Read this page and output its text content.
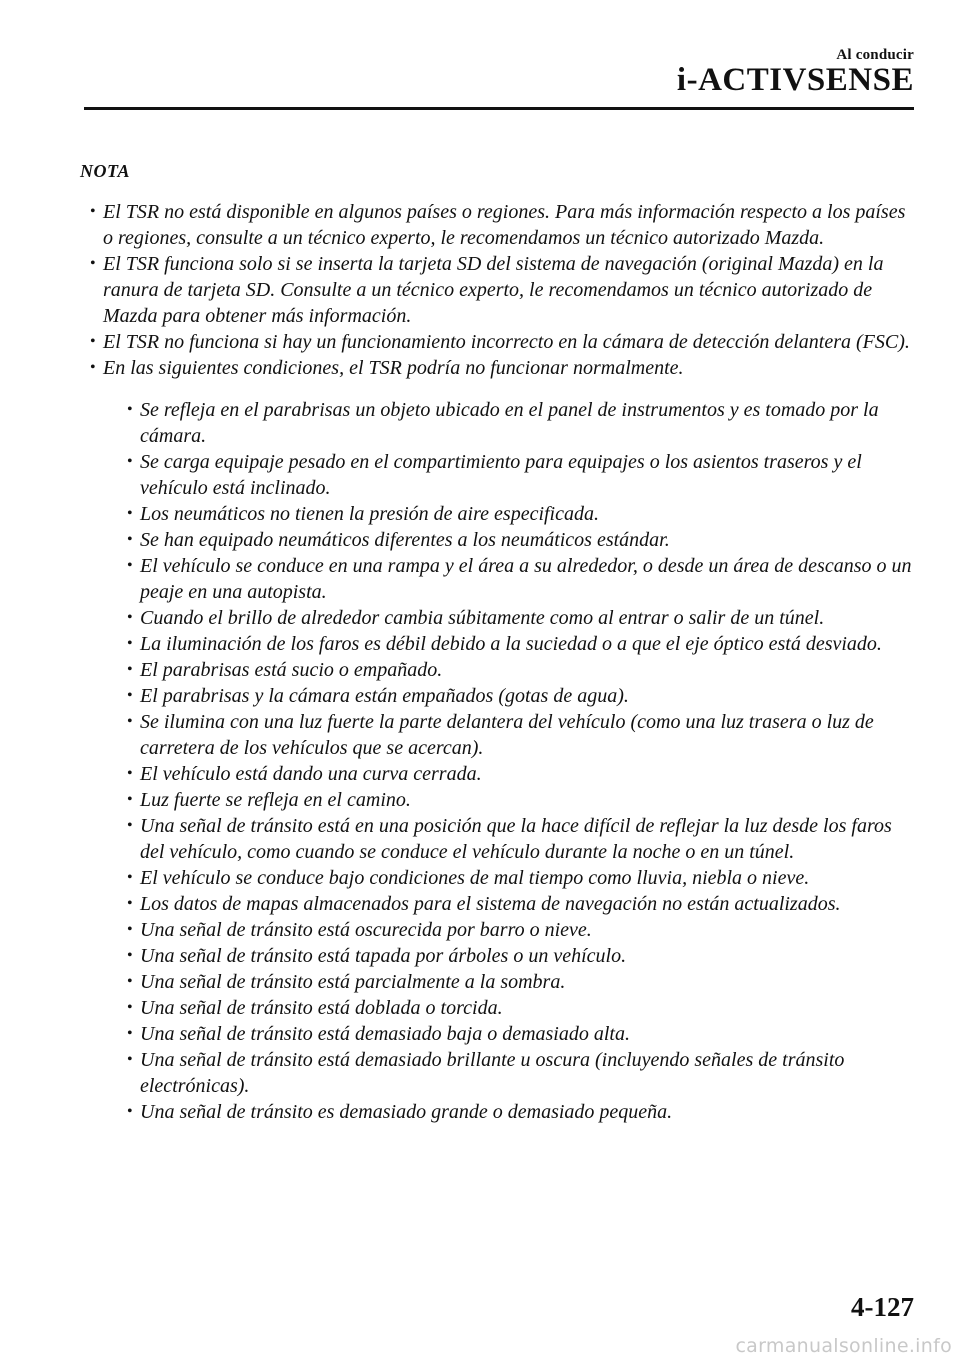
Al conducir
i-ACTIVSENSE
NOTA
• El TSR no está disponible en algunos países o regiones. Para más información respecto a los países o regiones, consulte a un técnico experto, le recomendamos un técnico autorizado Mazda.
• El TSR funciona solo si se inserta la tarjeta SD del sistema de navegación (original Mazda) en la ranura de tarjeta SD. Consulte a un técnico experto, le recomendamos un técnico autorizado de Mazda para obtener más información.
• El TSR no funciona si hay un funcionamiento incorrecto en la cámara de detección delantera (FSC).
• En las siguientes condiciones, el TSR podría no funcionar normalmente.
• Se refleja en el parabrisas un objeto ubicado en el panel de instrumentos y es tomado por la cámara.
• Se carga equipaje pesado en el compartimiento para equipajes o los asientos traseros y el vehículo está inclinado.
• Los neumáticos no tienen la presión de aire especificada.
• Se han equipado neumáticos diferentes a los neumáticos estándar.
• El vehículo se conduce en una rampa y el área a su alrededor, o desde un área de descanso o un peaje en una autopista.
• Cuando el brillo de alrededor cambia súbitamente como al entrar o salir de un túnel.
• La iluminación de los faros es débil debido a la suciedad o a que el eje óptico está desviado.
• El parabrisas está sucio o empañado.
• El parabrisas y la cámara están empañados (gotas de agua).
• Se ilumina con una luz fuerte la parte delantera del vehículo (como una luz trasera o luz de carretera de los vehículos que se acercan).
• El vehículo está dando una curva cerrada.
• Luz fuerte se refleja en el camino.
• Una señal de tránsito está en una posición que la hace difícil de reflejar la luz desde los faros del vehículo, como cuando se conduce el vehículo durante la noche o en un túnel.
• El vehículo se conduce bajo condiciones de mal tiempo como lluvia, niebla o nieve.
• Los datos de mapas almacenados para el sistema de navegación no están actualizados.
• Una señal de tránsito está oscurecida por barro o nieve.
• Una señal de tránsito está tapada por árboles o un vehículo.
• Una señal de tránsito está parcialmente a la sombra.
• Una señal de tránsito está doblada o torcida.
• Una señal de tránsito está demasiado baja o demasiado alta.
• Una señal de tránsito está demasiado brillante u oscura (incluyendo señales de tránsito electrónicas).
• Una señal de tránsito es demasiado grande o demasiado pequeña.
4-127
carmanualsonline.info
